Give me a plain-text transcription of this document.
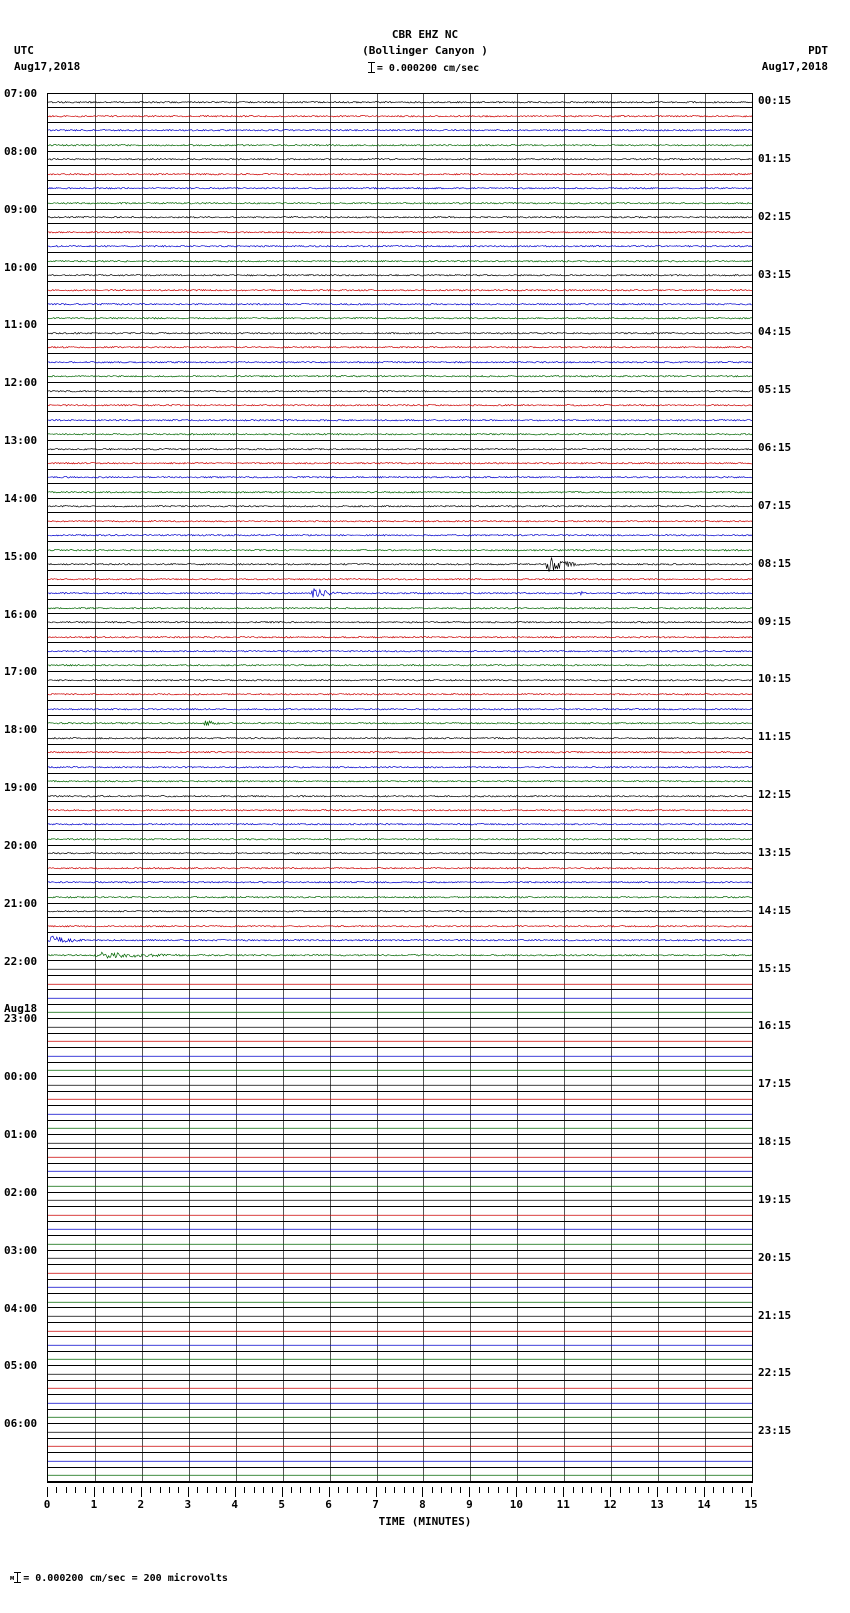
UTC
Aug17,2018
PDT
Aug17,2018
CBR EHZ NC
(Bollinger Canyon )
= 0.000200 cm/sec
07:00
08:00
09:00
10:00
11:00
12:00
13:00
14:00
15:00
16:00
17:00
18:00
19:00
20:00
21:00
22:00
23:00
Aug18
00:00
01:00
02:00
03:00
04:00
05:00
06:00
00:15
01:15
02:15
03:15
04:15
05:15
06:15
07:15
08:15
09:15
10:15
11:15
12:15
13:15
14:15
15:15
16:15
17:15
18:15
19:15
20:15
21:15
22:15
23:15
0	1	2	3	4	5	6	7	8	9	10	11	12	13	14	15
TIME (MINUTES)
м = 0.000200 cm/sec = 200 microvolts
